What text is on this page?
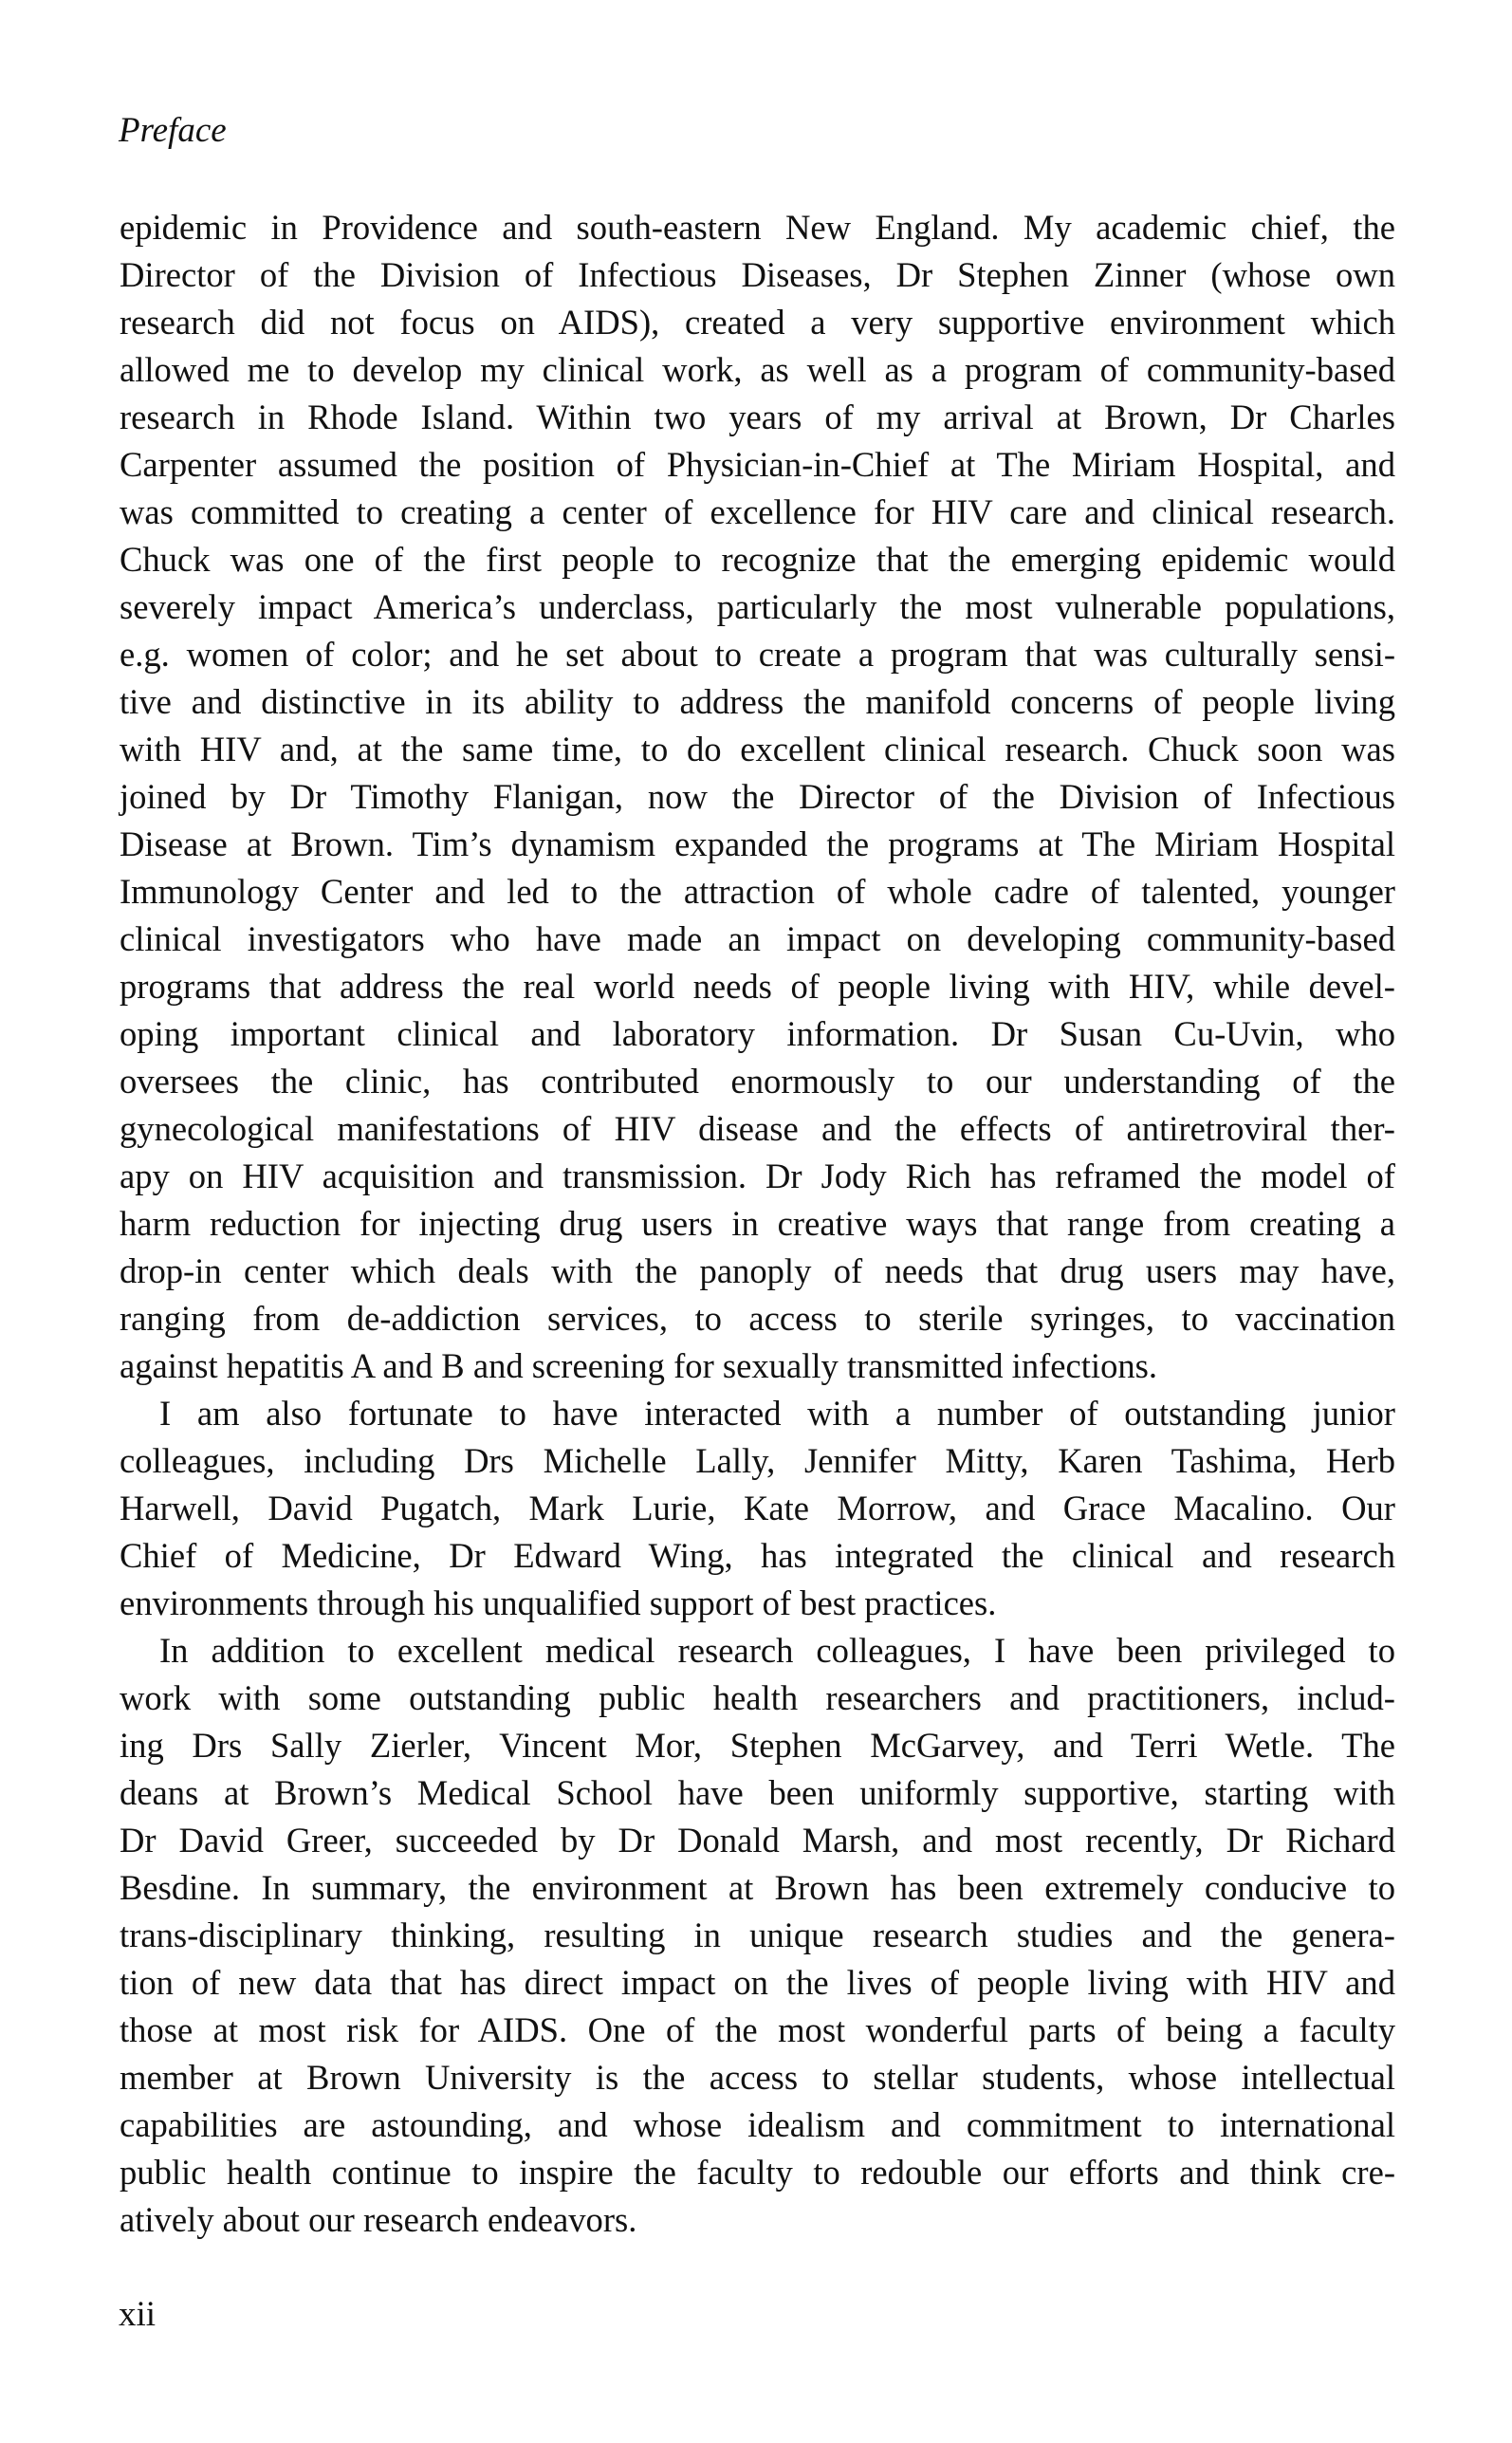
Preface
epidemic in Providence and south-eastern New England. My academic chief, the
Director of the Division of Infectious Diseases, Dr Stephen Zinner (whose own
research did not focus on AIDS), created a very supportive environment which
allowed me to develop my clinical work, as well as a program of community-based
research in Rhode Island. Within two years of my arrival at Brown, Dr Charles
Carpenter assumed the position of Physician-in-Chief at The Miriam Hospital, and
was committed to creating a center of excellence for HIV care and clinical research.
Chuck was one of the first people to recognize that the emerging epidemic would
severely impact America’s underclass, particularly the most vulnerable populations,
e.g. women of color; and he set about to create a program that was culturally sensi-
tive and distinctive in its ability to address the manifold concerns of people living
with HIV and, at the same time, to do excellent clinical research. Chuck soon was
joined by Dr Timothy Flanigan, now the Director of the Division of Infectious
Disease at Brown. Tim’s dynamism expanded the programs at The Miriam Hospital
Immunology Center and led to the attraction of whole cadre of talented, younger
clinical investigators who have made an impact on developing community-based
programs that address the real world needs of people living with HIV, while devel-
oping important clinical and laboratory information. Dr Susan Cu-Uvin, who
oversees the clinic, has contributed enormously to our understanding of the
gynecological manifestations of HIV disease and the effects of antiretroviral ther-
apy on HIV acquisition and transmission. Dr Jody Rich has reframed the model of
harm reduction for injecting drug users in creative ways that range from creating a
drop-in center which deals with the panoply of needs that drug users may have,
ranging from de-addiction services, to access to sterile syringes, to vaccination
against hepatitis A and B and screening for sexually transmitted infections.
I am also fortunate to have interacted with a number of outstanding junior
colleagues, including Drs Michelle Lally, Jennifer Mitty, Karen Tashima, Herb
Harwell, David Pugatch, Mark Lurie, Kate Morrow, and Grace Macalino. Our
Chief of Medicine, Dr Edward Wing, has integrated the clinical and research
environments through his unqualified support of best practices.
In addition to excellent medical research colleagues, I have been privileged to
work with some outstanding public health researchers and practitioners, includ-
ing Drs Sally Zierler, Vincent Mor, Stephen McGarvey, and Terri Wetle. The
deans at Brown’s Medical School have been uniformly supportive, starting with
Dr David Greer, succeeded by Dr Donald Marsh, and most recently, Dr Richard
Besdine. In summary, the environment at Brown has been extremely conducive to
trans-disciplinary thinking, resulting in unique research studies and the genera-
tion of new data that has direct impact on the lives of people living with HIV and
those at most risk for AIDS. One of the most wonderful parts of being a faculty
member at Brown University is the access to stellar students, whose intellectual
capabilities are astounding, and whose idealism and commitment to international
public health continue to inspire the faculty to redouble our efforts and think cre-
atively about our research endeavors.
xii
